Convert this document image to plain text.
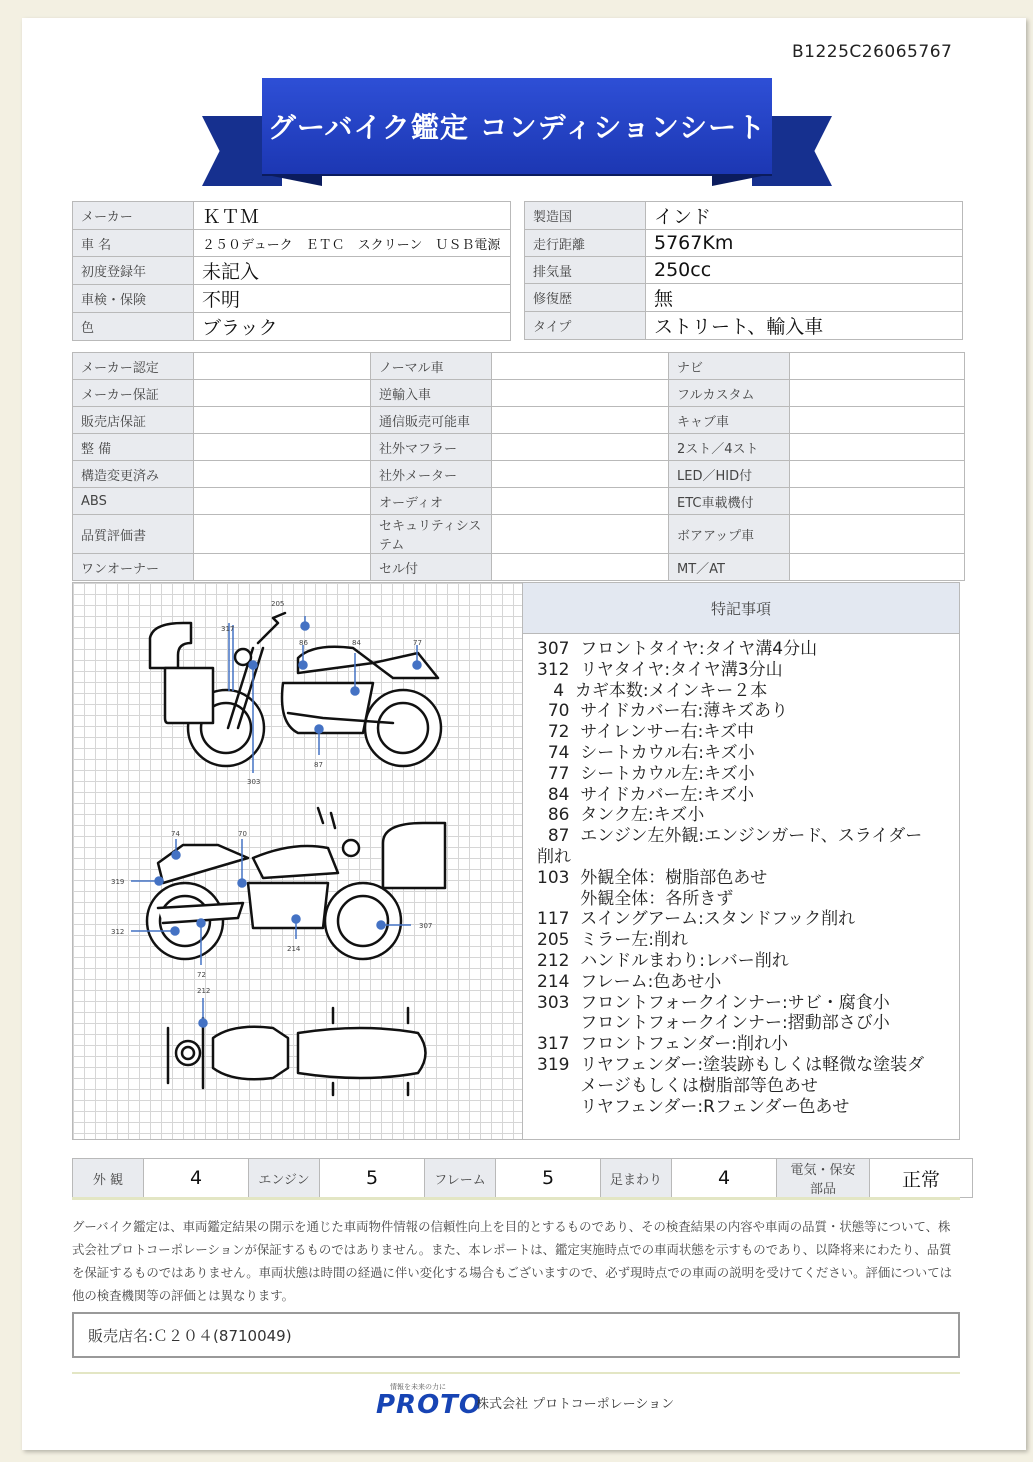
B1225C26065767
グーバイク鑑定 コンディションシート
メーカー	ＫＴＭ
車 名	２５０デューク　ＥＴＣ　スクリーン　ＵＳＢ電源
初度登録年	未記入
車検・保険	不明
色	ブラック
製造国	インド
走行距離	5767Km
排気量	250cc
修復歴	無
タイプ	ストリート、輸入車
メーカー認定		ノーマル車		ナビ	
メーカー保証		逆輸入車		フルカスタム	
販売店保証		通信販売可能車		キャブ車	
整 備		社外マフラー		2スト／4スト	
構造変更済み		社外メーター		LED／HID付	
ABS		オーディオ		ETC車載機付	
品質評価書		セキュリティシステム		ボアアップ車	
ワンオーナー		セル付		MT／AT	
317
205
86	84	77
87
303
74	70
319
312
72
214
307
212
特記事項
307  フロントタイヤ:タイヤ溝4分山
312  リヤタイヤ:タイヤ溝3分山
4  カギ本数:メインキー２本
70  サイドカバー右:薄キズあり
72  サイレンサー右:キズ中
74  シートカウル右:キズ小
77  シートカウル左:キズ小
84  サイドカバー左:キズ小
86  タンク左:キズ小
87  エンジン左外観:エンジンガード、スライダー
削れ
103  外観全体：樹脂部色あせ
外観全体：各所きず
117  スイングアーム:スタンドフック削れ
205  ミラー左:削れ
212  ハンドルまわり:レバー削れ
214  フレーム:色あせ小
303  フロントフォークインナー:サビ・腐食小
フロントフォークインナー:摺動部さび小
317  フロントフェンダー:削れ小
319  リヤフェンダー:塗装跡もしくは軽微な塗装ダ
メージもしくは樹脂部等色あせ
リヤフェンダー:Rフェンダー色あせ
外 観	4	エンジン	5	フレーム	5	足まわり	4	電気・保安部品	正常
グーバイク鑑定は、車両鑑定結果の開示を通じた車両物件情報の信頼性向上を目的とするものであり、その検査結果の内容や車両の品質・状態等について、株式会社プロトコーポレーションが保証するものではありません。また、本レポートは、鑑定実施時点での車両状態を示すものであり、以降将来にわたり、品質を保証するものではありません。車両状態は時間の経過に伴い変化する場合もございますので、必ず現時点での車両の説明を受けてください。評価については他の検査機関等の評価とは異なります。
販売店名:Ｃ２０４(8710049)
情報を未来の力に
PROTO
株式会社 プロトコーポレーション
